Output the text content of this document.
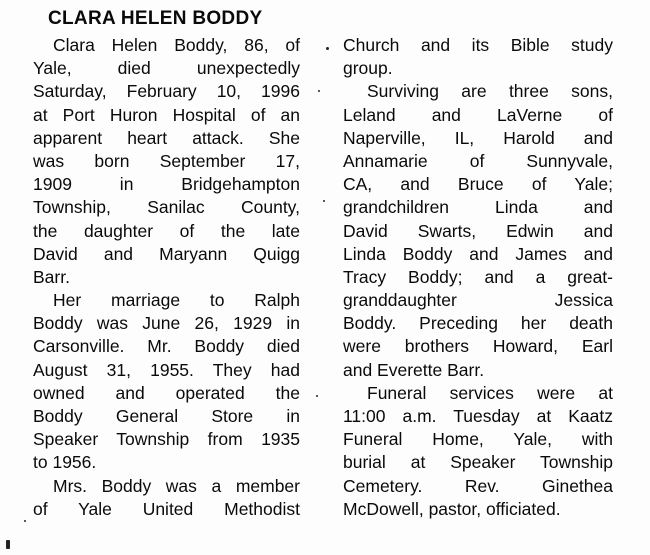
CLARA HELEN BODDY
Clara Helen Boddy, 86, of
Yale, died unexpectedly
Saturday, February 10, 1996
at Port Huron Hospital of an
apparent heart attack. She
was born September 17,
1909 in Bridgehampton
Township, Sanilac County,
the daughter of the late
David and Maryann Quigg
Barr.
Her marriage to Ralph
Boddy was June 26, 1929 in
Carsonville. Mr. Boddy died
August 31, 1955. They had
owned and operated the
Boddy General Store in
Speaker Township from 1935
to 1956.
Mrs. Boddy was a member
of Yale United Methodist
Church and its Bible study
group.
Surviving are three sons,
Leland and LaVerne of
Naperville, IL, Harold and
Annamarie of Sunnyvale,
CA, and Bruce of Yale;
grandchildren Linda and
David Swarts, Edwin and
Linda Boddy and James and
Tracy Boddy; and a great-
granddaughter Jessica
Boddy. Preceding her death
were brothers Howard, Earl
and Everette Barr.
Funeral services were at
11:00 a.m. Tuesday at Kaatz
Funeral Home, Yale, with
burial at Speaker Township
Cemetery. Rev. Ginethea
McDowell, pastor, officiated.
